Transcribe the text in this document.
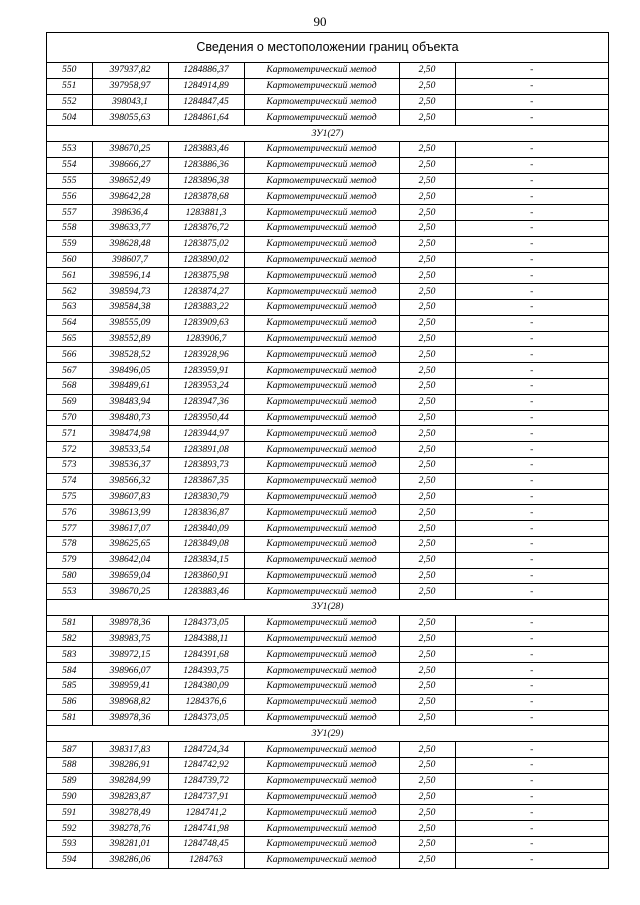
90
Сведения о местоположении границ объекта
550	397937,82	1284886,37	Картометрический метод	2,50	-
551	397958,97	1284914,89	Картометрический метод	2,50	-
552	398043,1	1284847,45	Картометрический метод	2,50	-
504	398055,63	1284861,64	Картометрический метод	2,50	-
ЗУ1(27)					
553	398670,25	1283883,46	Картометрический метод	2,50	-
554	398666,27	1283886,36	Картометрический метод	2,50	-
555	398652,49	1283896,38	Картометрический метод	2,50	-
556	398642,28	1283878,68	Картометрический метод	2,50	-
557	398636,4	1283881,3	Картометрический метод	2,50	-
558	398633,77	1283876,72	Картометрический метод	2,50	-
559	398628,48	1283875,02	Картометрический метод	2,50	-
560	398607,7	1283890,02	Картометрический метод	2,50	-
561	398596,14	1283875,98	Картометрический метод	2,50	-
562	398594,73	1283874,27	Картометрический метод	2,50	-
563	398584,38	1283883,22	Картометрический метод	2,50	-
564	398555,09	1283909,63	Картометрический метод	2,50	-
565	398552,89	1283906,7	Картометрический метод	2,50	-
566	398528,52	1283928,96	Картометрический метод	2,50	-
567	398496,05	1283959,91	Картометрический метод	2,50	-
568	398489,61	1283953,24	Картометрический метод	2,50	-
569	398483,94	1283947,36	Картометрический метод	2,50	-
570	398480,73	1283950,44	Картометрический метод	2,50	-
571	398474,98	1283944,97	Картометрический метод	2,50	-
572	398533,54	1283891,08	Картометрический метод	2,50	-
573	398536,37	1283893,73	Картометрический метод	2,50	-
574	398566,32	1283867,35	Картометрический метод	2,50	-
575	398607,83	1283830,79	Картометрический метод	2,50	-
576	398613,99	1283836,87	Картометрический метод	2,50	-
577	398617,07	1283840,09	Картометрический метод	2,50	-
578	398625,65	1283849,08	Картометрический метод	2,50	-
579	398642,04	1283834,15	Картометрический метод	2,50	-
580	398659,04	1283860,91	Картометрический метод	2,50	-
553	398670,25	1283883,46	Картометрический метод	2,50	-
ЗУ1(28)					
581	398978,36	1284373,05	Картометрический метод	2,50	-
582	398983,75	1284388,11	Картометрический метод	2,50	-
583	398972,15	1284391,68	Картометрический метод	2,50	-
584	398966,07	1284393,75	Картометрический метод	2,50	-
585	398959,41	1284380,09	Картометрический метод	2,50	-
586	398968,82	1284376,6	Картометрический метод	2,50	-
581	398978,36	1284373,05	Картометрический метод	2,50	-
ЗУ1(29)					
587	398317,83	1284724,34	Картометрический метод	2,50	-
588	398286,91	1284742,92	Картометрический метод	2,50	-
589	398284,99	1284739,72	Картометрический метод	2,50	-
590	398283,87	1284737,91	Картометрический метод	2,50	-
591	398278,49	1284741,2	Картометрический метод	2,50	-
592	398278,76	1284741,98	Картометрический метод	2,50	-
593	398281,01	1284748,45	Картометрический метод	2,50	-
594	398286,06	1284763	Картометрический метод	2,50	-
